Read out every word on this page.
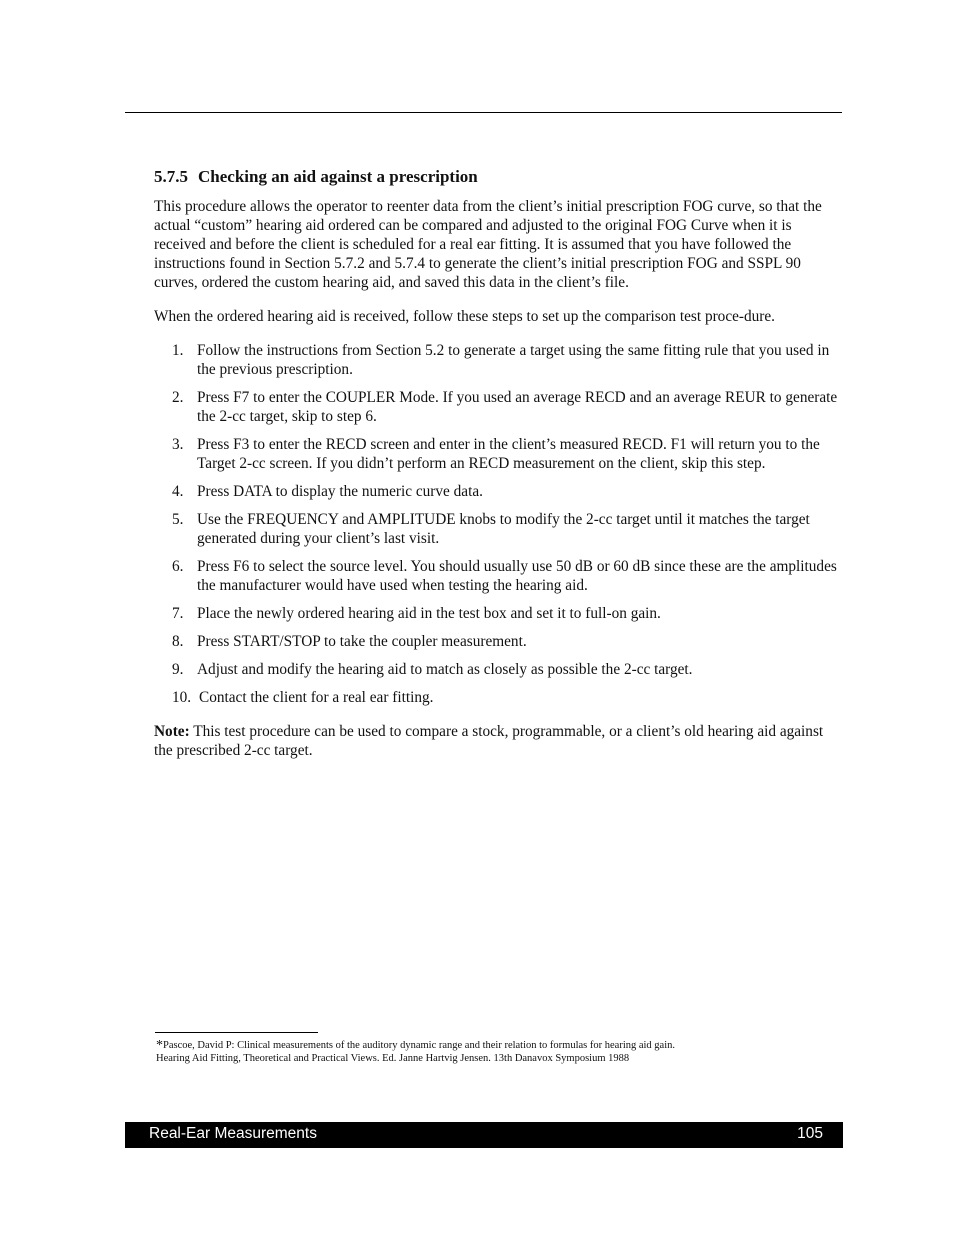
5.7.5 Checking an aid against a prescription

This procedure allows the operator to reenter data from the client’s initial prescription FOG curve, so that the actual “custom” hearing aid ordered can be compared and adjusted to the original FOG Curve when it is received and before the client is scheduled for a real ear fitting. It is assumed that you have followed the instructions found in Section 5.7.2 and 5.7.4 to generate the client’s initial prescription FOG and SSPL 90 curves, ordered the custom hearing aid, and saved this data in the client’s file.

When the ordered hearing aid is received, follow these steps to set up the comparison test proce-dure.

1. Follow the instructions from Section 5.2 to generate a target using the same fitting rule that you used in the previous prescription.
2. Press F7 to enter the COUPLER Mode. If you used an average RECD and an average REUR to generate the 2-cc target, skip to step 6.
3. Press F3 to enter the RECD screen and enter in the client’s measured RECD. F1 will return you to the Target 2-cc screen. If you didn’t perform an RECD measurement on the client, skip this step.
4. Press DATA to display the numeric curve data.
5. Use the FREQUENCY and AMPLITUDE knobs to modify the 2-cc target until it matches the target generated during your client’s last visit.
6. Press F6 to select the source level. You should usually use 50 dB or 60 dB since these are the amplitudes the manufacturer would have used when testing the hearing aid.
7. Place the newly ordered hearing aid in the test box and set it to full-on gain.
8. Press START/STOP to take the coupler measurement.
9. Adjust and modify the hearing aid to match as closely as possible the 2-cc target.
10. Contact the client for a real ear fitting.

Note: This test procedure can be used to compare a stock, programmable, or a client’s old hearing aid against the prescribed 2-cc target.

*Pascoe, David P: Clinical measurements of the auditory dynamic range and their relation to formulas for hearing aid gain.
Hearing Aid Fitting, Theoretical and Practical Views. Ed. Janne Hartvig Jensen. 13th Danavox Symposium 1988
Real-Ear Measurements	105
